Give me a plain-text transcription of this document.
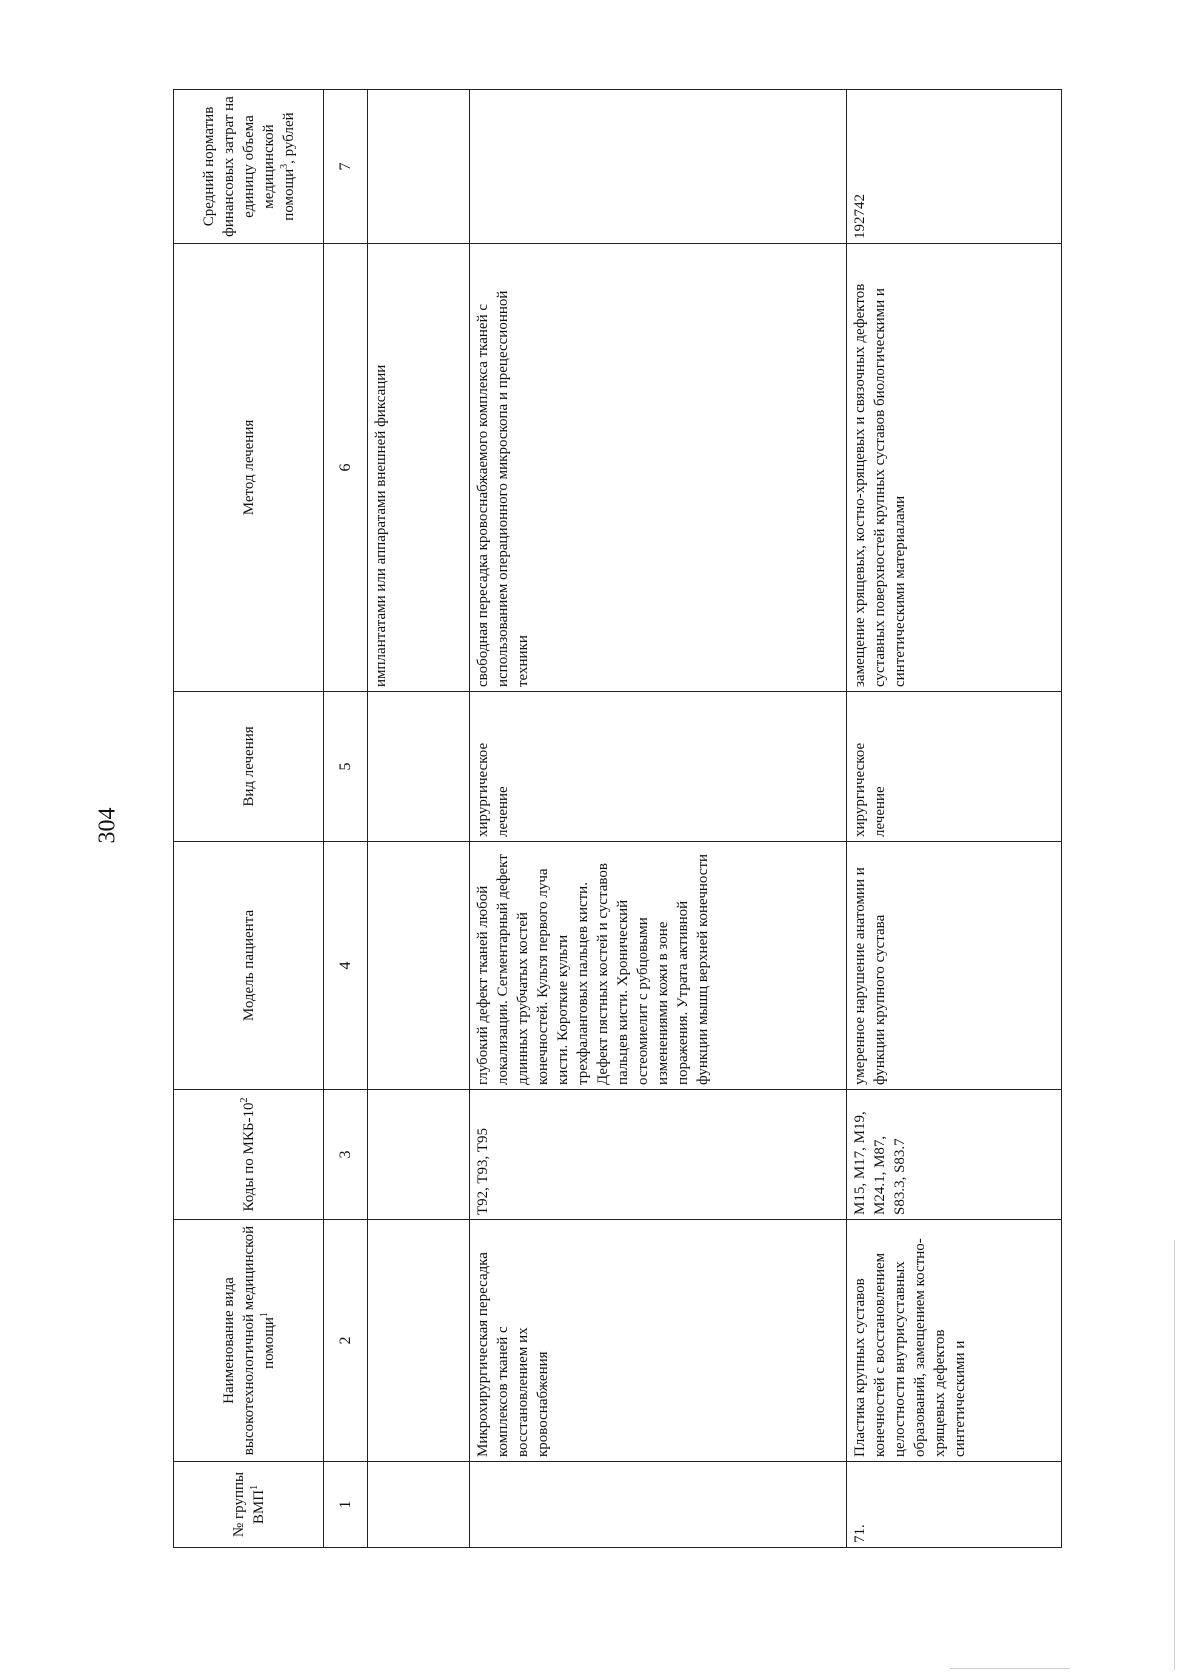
304
№ группы ВМП$^1$	Наименование вида высокотехнологичной медицинской помощи$^1$	Коды по МКБ-$10^2$	Модель пациента	Вид лечения	Метод лечения	Средний норматив финансовых затрат на единицу объема медицинской помощи$^3$, рублей
1	2	3	4	5	6	7
					имплантатами или аппаратами внешней фиксации	
	Микрохирургическая пересадка комплексов тканей с восстановлением их кровоснабжения	T92, T93, T95	глубокий дефект тканей любой локализации. Сегментарный дефект длинных трубчатых костей конечностей. Культя первого луча кисти. Короткие культи трехфаланговых пальцев кисти. Дефект пястных костей и суставов пальцев кисти. Хронический остеомиелит с рубцовыми изменениями кожи в зоне поражения. Утрата активной функции мышц верхней конечности	хирургическое лечение	свободная пересадка кровоснабжаемого комплекса тканей с использованием операционного микроскопа и прецессионной техники	
71.	Пластика крупных суставов конечностей с восстановлением целостности внутрисуставных образований, замещением костно-хрящевых дефектов синтетическими и	M15, M17, M19, M24.1, M87, S83.3, S83.7	умеренное нарушение анатомии и функции крупного сустава	хирургическое лечение	замещение хрящевых, костно-хрящевых и связочных дефектов суставных поверхностей крупных суставов биологическими и синтетическими материалами	192742
